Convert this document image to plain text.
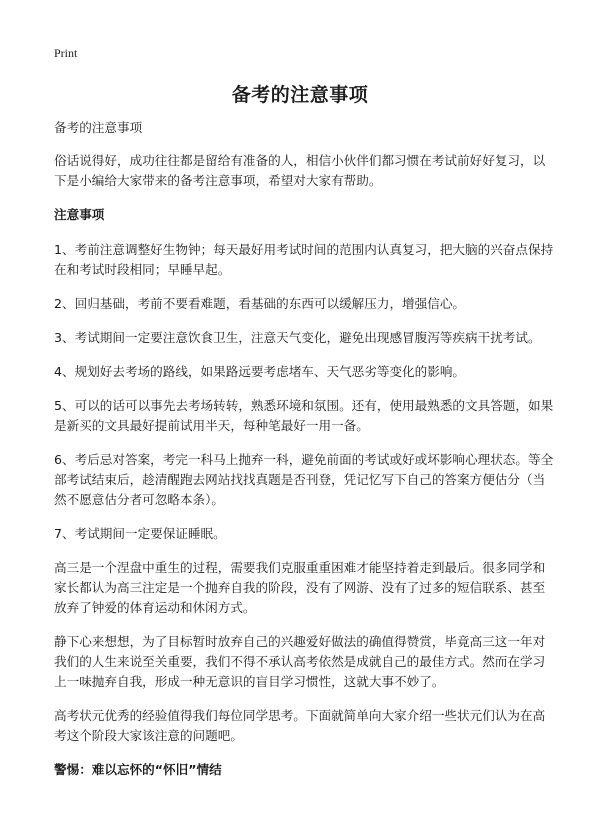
Print
备考的注意事项

备考的注意事项

俗话说得好，成功往往都是留给有准备的人，相信小伙伴们都习惯在考试前好好复习，以下是小编给大家带来的备考注意事项，希望对大家有帮助。

注意事项

1、考前注意调整好生物钟；每天最好用考试时间的范围内认真复习，把大脑的兴奋点保持在和考试时段相同；早睡早起。

2、回归基础，考前不要看难题，看基础的东西可以缓解压力，增强信心。

3、考试期间一定要注意饮食卫生，注意天气变化，避免出现感冒腹泻等疾病干扰考试。

4、规划好去考场的路线，如果路远要考虑堵车、天气恶劣等变化的影响。

5、可以的话可以事先去考场转转，熟悉环境和氛围。还有，使用最熟悉的文具答题，如果是新买的文具最好提前试用半天，每种笔最好一用一备。

6、考后忌对答案，考完一科马上抛弃一科，避免前面的考试或好或坏影响心理状态。等全部考试结束后，趁清醒跑去网站找找真题是否刊登，凭记忆写下自己的答案方便估分（当然不愿意估分者可忽略本条）。

7、考试期间一定要保证睡眠。

高三是一个涅盘中重生的过程，需要我们克服重重困难才能坚持着走到最后。很多同学和家长都认为高三注定是一个抛弃自我的阶段，没有了网游、没有了过多的短信联系、甚至放弃了钟爱的体育运动和休闲方式。

静下心来想想，为了目标暂时放弃自己的兴趣爱好做法的确值得赞赏，毕竟高三这一年对我们的人生来说至关重要，我们不得不承认高考依然是成就自己的最佳方式。然而在学习上一味抛弃自我，形成一种无意识的盲目学习惯性，这就大事不妙了。

高考状元优秀的经验值得我们每位同学思考。下面就简单向大家介绍一些状元们认为在高考这个阶段大家该注意的问题吧。

警惕：难以忘怀的“怀旧”情结
